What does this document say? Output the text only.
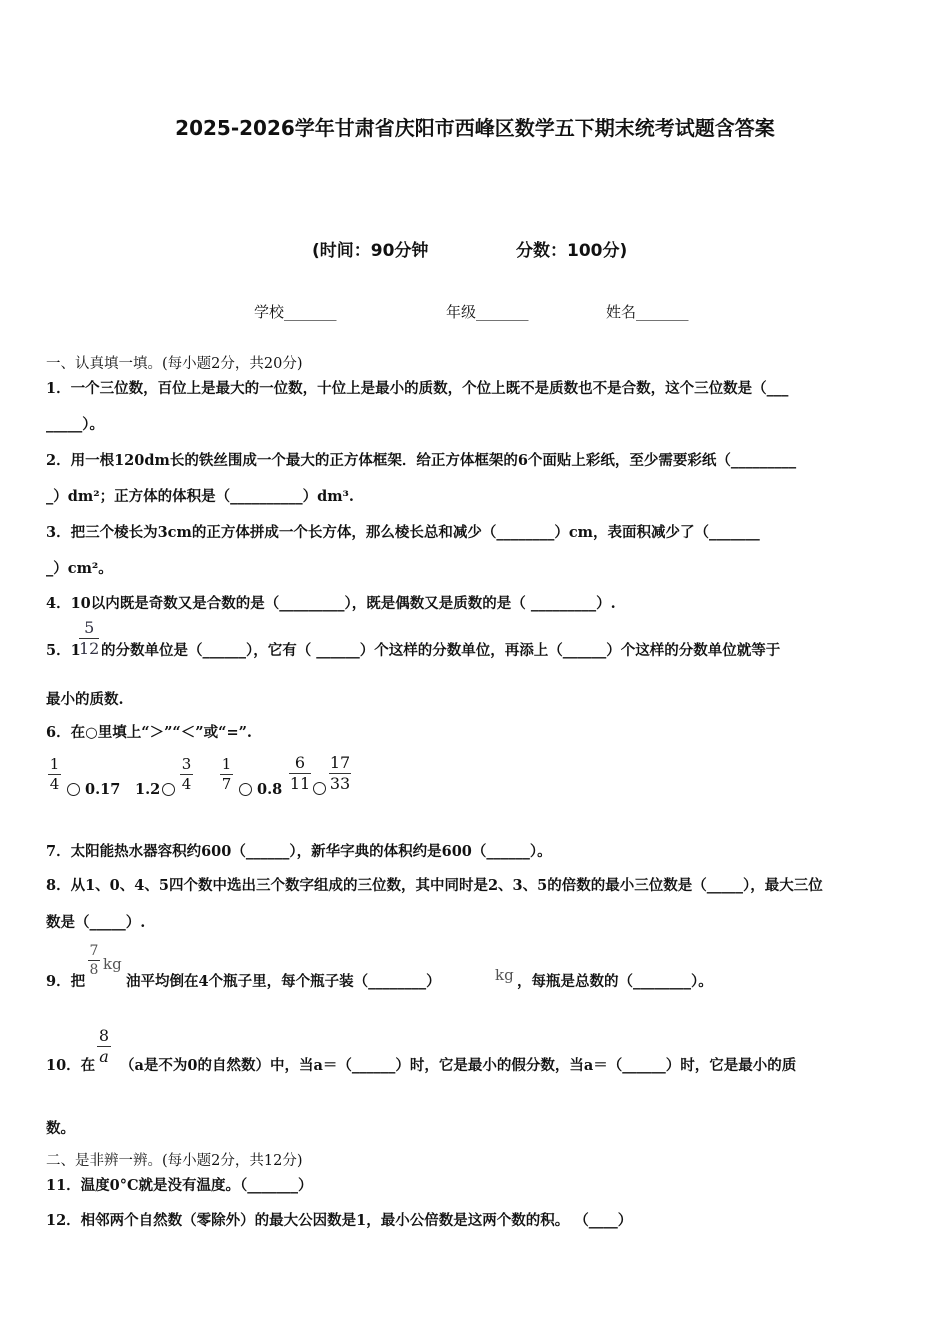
2025-2026学年甘肃省庆阳市西峰区数学五下期末统考试题含答案
(时间：90分钟	分数：100分)
学校_______	年级_______	姓名_______
一、认真填一填。(每小题2分，共20分)
1．一个三位数，百位上是最大的一位数，十位上是最小的质数，个位上既不是质数也不是合数，这个三位数是（___
_____）。
2．用一根120dm长的铁丝围成一个最大的正方体框架．给正方体框架的6个面贴上彩纸，至少需要彩纸（_________
_）dm²；正方体的体积是（__________）dm³.
3．把三个棱长为3cm的正方体拼成一个长方体，那么棱长总和减少（________）cm，表面积减少了（_______
_）cm²。
4．10以内既是奇数又是合数的是（_________），既是偶数又是质数的是（ _________）.
5．1
5
12 的分数单位是（______），它有（ ______）个这样的分数单位，再添上（______）个这样的分数单位就等于
最小的质数.
6．在○里填上“＞”“＜”或“=”.
1
4 0.17 1.2
3
4
1
7 0.8
6
11
17
33
7．太阳能热水器容积约600（______），新华字典的体积约是600（______）。
8．从1、0、4、5四个数中选出三个数字组成的三位数，其中同时是2、3、5的倍数的最小三位数是（_____），最大三位
数是（_____）.
9．把
7
8 kg
油平均倒在4个瓶子里，每个瓶子装（________）	kg ，每瓶是总数的（________）。
10．在
8
a （a是不为0的自然数）中，当a＝（______）时，它是最小的假分数，当a＝（______）时，它是最小的质
数。
二、是非辨一辨。(每小题2分，共12分)
11．温度0°C就是没有温度。（_______）
12．相邻两个自然数（零除外）的最大公因数是1，最小公倍数是这两个数的积。 （____）
